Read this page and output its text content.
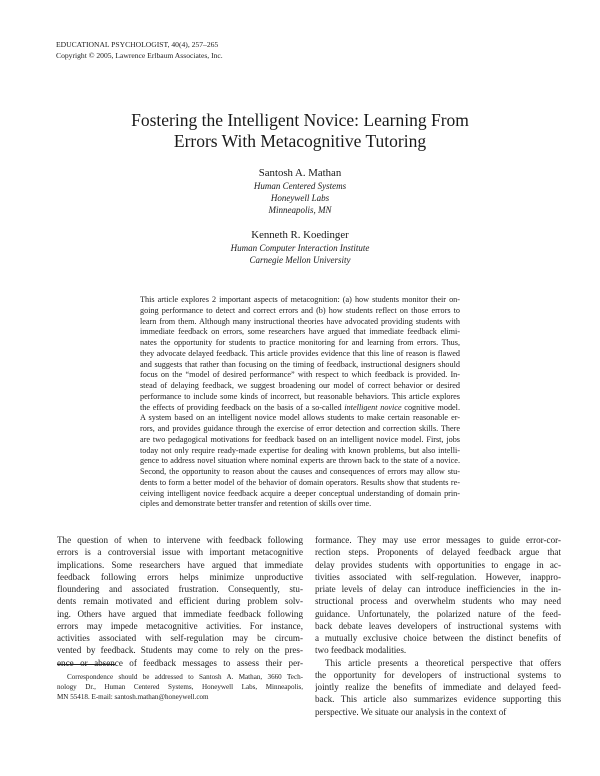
EDUCATIONAL PSYCHOLOGIST, 40(4), 257–265
Copyright © 2005, Lawrence Erlbaum Associates, Inc.
Fostering the Intelligent Novice: Learning From
Errors With Metacognitive Tutoring
Santosh A. Mathan
Human Centered Systems
Honeywell Labs
Minneapolis, MN
Kenneth R. Koedinger
Human Computer Interaction Institute
Carnegie Mellon University
This article explores 2 important aspects of metacognition: (a) how students monitor their on-
going performance to detect and correct errors and (b) how students reflect on those errors to
learn from them. Although many instructional theories have advocated providing students with
immediate feedback on errors, some researchers have argued that immediate feedback elimi-
nates the opportunity for students to practice monitoring for and learning from errors. Thus,
they advocate delayed feedback. This article provides evidence that this line of reason is flawed
and suggests that rather than focusing on the timing of feedback, instructional designers should
focus on the “model of desired performance” with respect to which feedback is provided. In-
stead of delaying feedback, we suggest broadening our model of correct behavior or desired
performance to include some kinds of incorrect, but reasonable behaviors. This article explores
the effects of providing feedback on the basis of a so-called intelligent novice cognitive model.
A system based on an intelligent novice model allows students to make certain reasonable er-
rors, and provides guidance through the exercise of error detection and correction skills. There
are two pedagogical motivations for feedback based on an intelligent novice model. First, jobs
today not only require ready-made expertise for dealing with known problems, but also intelli-
gence to address novel situation where nominal experts are thrown back to the state of a novice.
Second, the opportunity to reason about the causes and consequences of errors may allow stu-
dents to form a better model of the behavior of domain operators. Results show that students re-
ceiving intelligent novice feedback acquire a deeper conceptual understanding of domain prin-
ciples and demonstrate better transfer and retention of skills over time.
The question of when to intervene with feedback following
errors is a controversial issue with important metacognitive
implications. Some researchers have argued that immediate
feedback following errors helps minimize unproductive
floundering and associated frustration. Consequently, stu-
dents remain motivated and efficient during problem solv-
ing. Others have argued that immediate feedback following
errors may impede metacognitive activities. For instance,
activities associated with self-regulation may be circum-
vented by feedback. Students may come to rely on the pres-
ence or absence of feedback messages to assess their per-
formance. They may use error messages to guide error-cor-
rection steps. Proponents of delayed feedback argue that
delay provides students with opportunities to engage in ac-
tivities associated with self-regulation. However, inappro-
priate levels of delay can introduce inefficiencies in the in-
structional process and overwhelm students who may need
guidance. Unfortunately, the polarized nature of the feed-
back debate leaves developers of instructional systems with
a mutually exclusive choice between the distinct benefits of
two feedback modalities.
This article presents a theoretical perspective that offers
the opportunity for developers of instructional systems to
jointly realize the benefits of immediate and delayed feed-
back. This article also summarizes evidence supporting this
perspective. We situate our analysis in the context of
Correspondence should be addressed to Santosh A. Mathan, 3660 Tech-
nology Dr., Human Centered Systems, Honeywell Labs, Minneapolis,
MN 55418. E-mail: santosh.mathan@honeywell.com
